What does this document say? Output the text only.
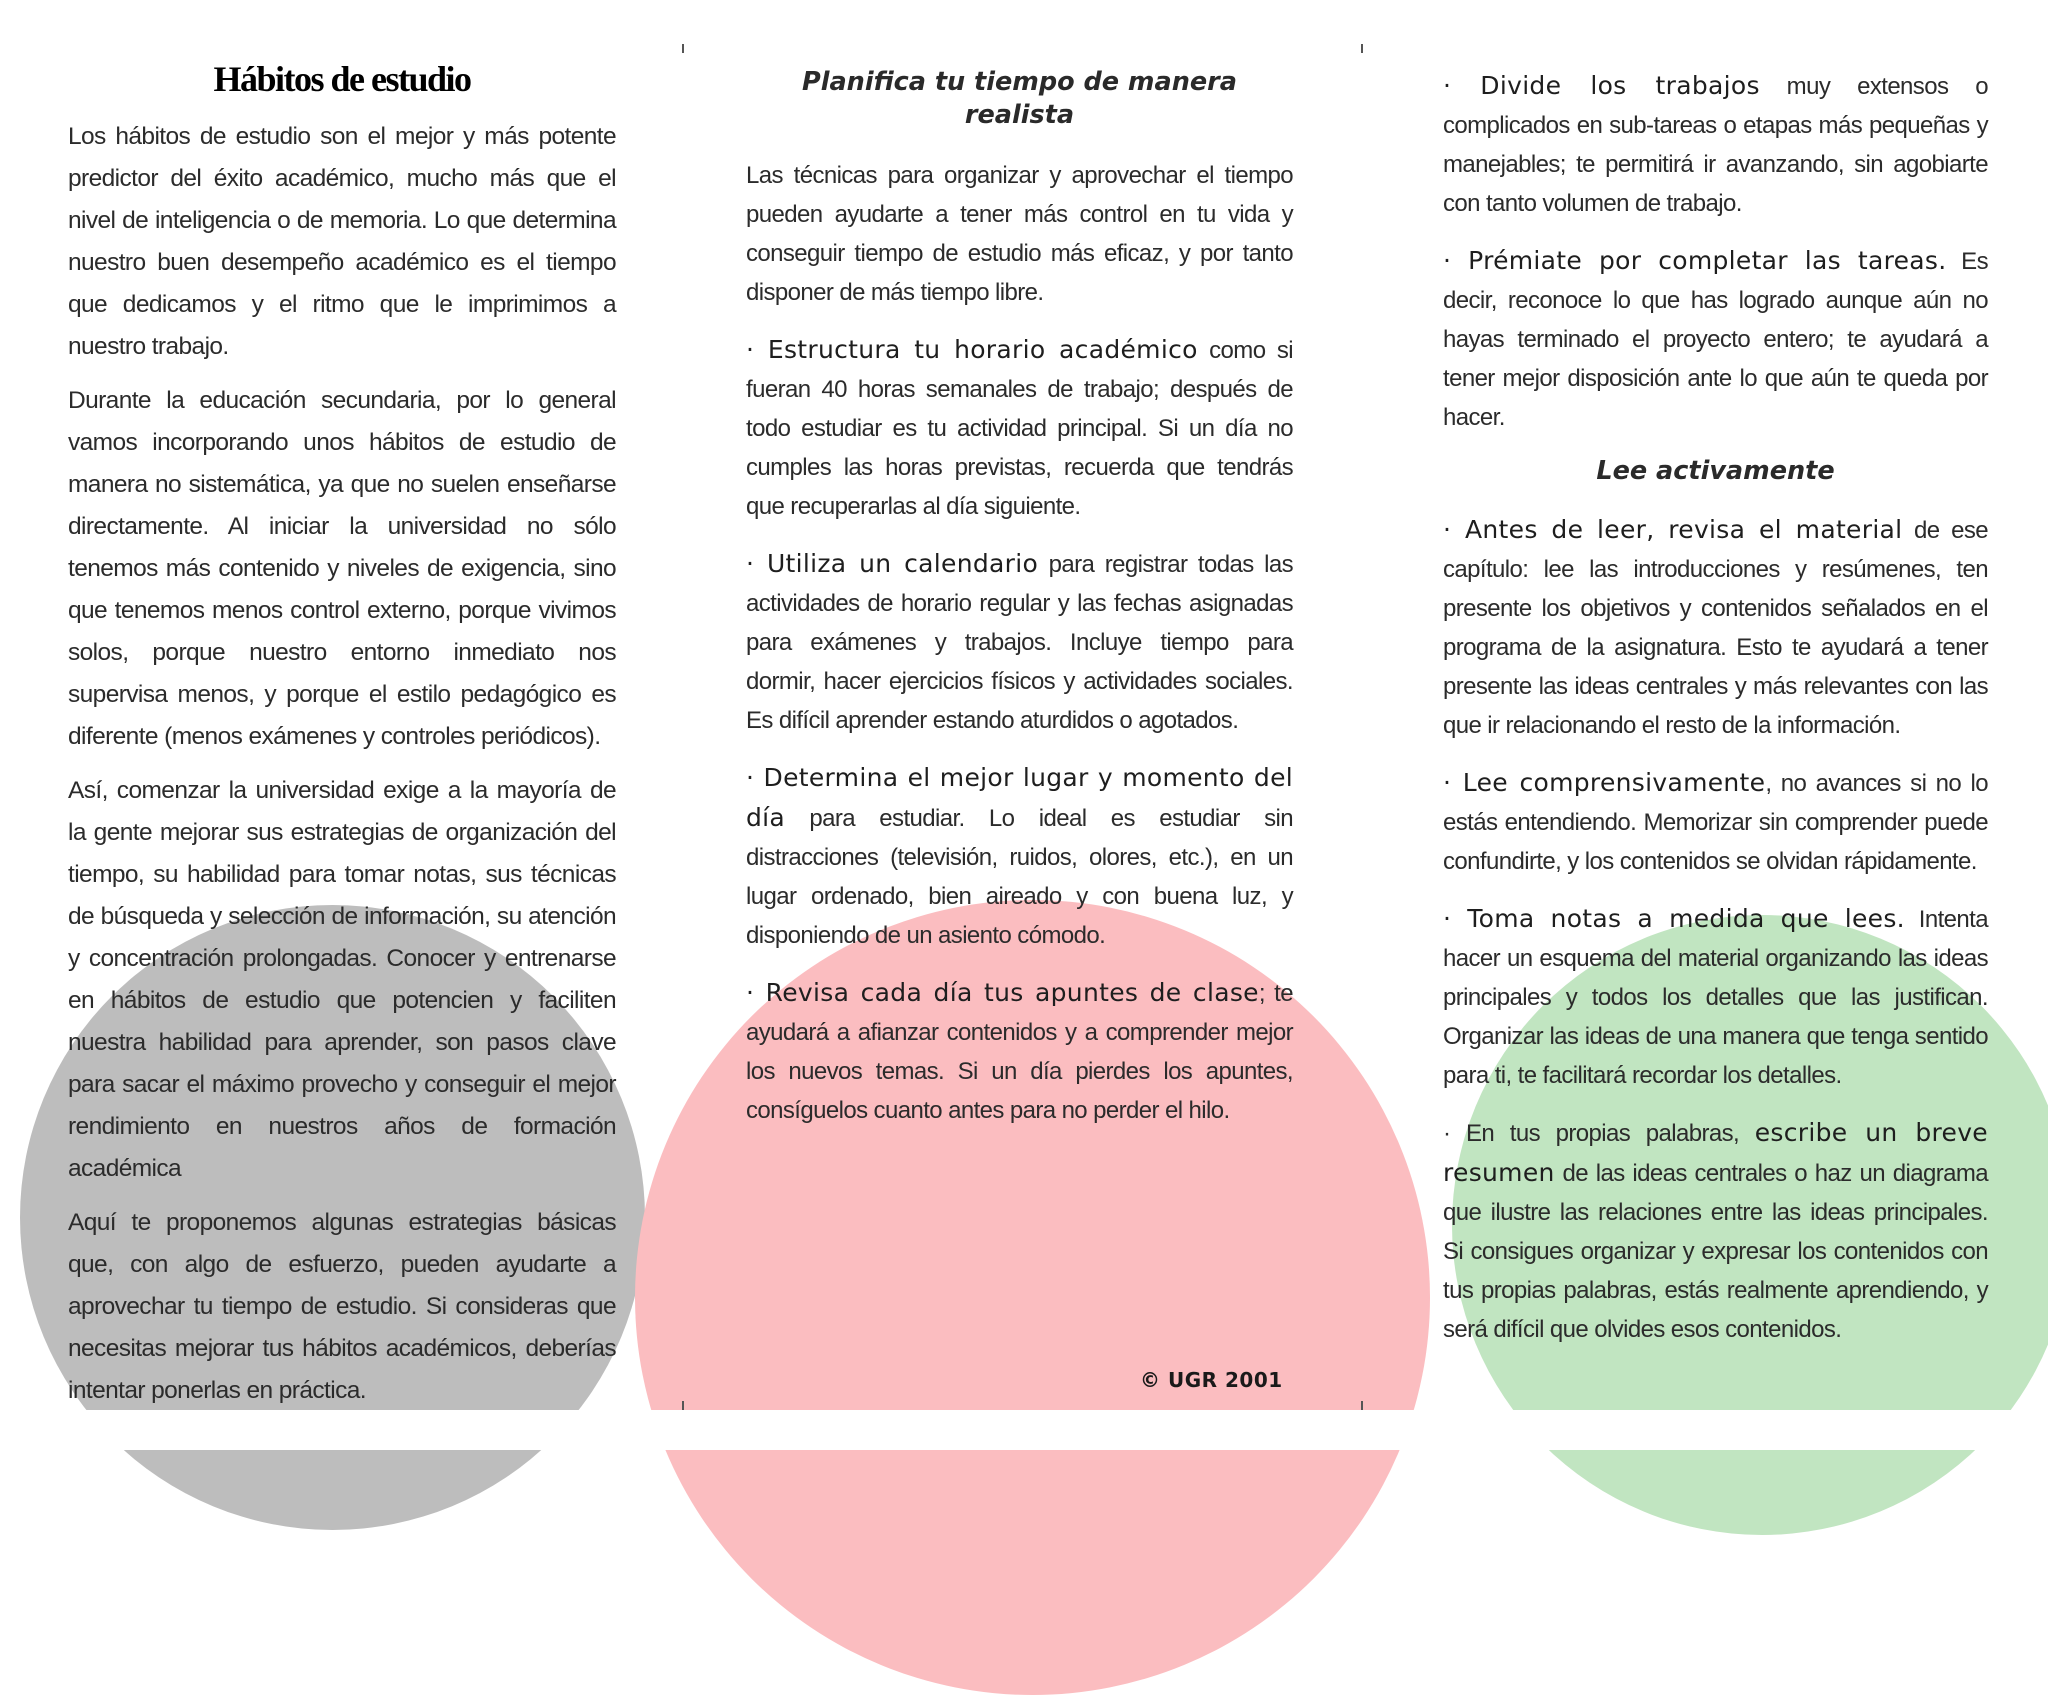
Hábitos de estudio

Los hábitos de estudio son el mejor y más potente predictor del éxito académico, mucho más que el nivel de inteligencia o de memoria. Lo que determina nuestro buen desempeño académico es el tiempo que dedicamos y el ritmo que le imprimimos a nuestro trabajo.

Durante la educación secundaria, por lo general vamos incorporando unos hábitos de estudio de manera no sistemática, ya que no suelen enseñarse directamente. Al iniciar la universidad no sólo tenemos más contenido y niveles de exigencia, sino que tenemos menos control externo, porque vivimos solos, porque nuestro entorno inmediato nos supervisa menos, y porque el estilo pedagógico es diferente (menos exámenes y controles periódicos).

Así, comenzar la universidad exige a la mayoría de la gente mejorar sus estrategias de organización del tiempo, su habilidad para tomar notas, sus técnicas de búsqueda y selección de información, su atención y concentración prolongadas. Conocer y entrenarse en hábitos de estudio que potencien y faciliten nuestra habilidad para aprender, son pasos clave para sacar el máximo provecho y conseguir el mejor rendimiento en nuestros años de formación académica

Aquí te proponemos algunas estrategias básicas que, con algo de esfuerzo, pueden ayudarte a aprovechar tu tiempo de estudio. Si consideras que necesitas mejorar tus hábitos académicos, deberías intentar ponerlas en práctica.

Planifica tu tiempo de manera realista

Las técnicas para organizar y aprovechar el tiempo pueden ayudarte a tener más control en tu vida y conseguir tiempo de estudio más eficaz, y por tanto disponer de más tiempo libre.

· Estructura tu horario académico como si fueran 40 horas semanales de trabajo; después de todo estudiar es tu actividad principal. Si un día no cumples las horas previstas, recuerda que tendrás que recuperarlas al día siguiente.

· Utiliza un calendario para registrar todas las actividades de horario regular y las fechas asignadas para exámenes y trabajos. Incluye tiempo para dormir, hacer ejercicios físicos y actividades sociales. Es difícil aprender estando aturdidos o agotados.

· Determina el mejor lugar y momento del día para estudiar. Lo ideal es estudiar sin distracciones (televisión, ruidos, olores, etc.), en un lugar ordenado, bien aireado y con buena luz, y disponiendo de un asiento cómodo.

· Revisa cada día tus apuntes de clase; te ayudará a afianzar contenidos y a comprender mejor los nuevos temas. Si un día pierdes los apuntes, consíguelos cuanto antes para no perder el hilo.

© UGR 2001

· Divide los trabajos muy extensos o complicados en sub-tareas o etapas más pequeñas y manejables; te permitirá ir avanzando, sin agobiarte con tanto volumen de trabajo.

· Prémiate por completar las tareas. Es decir, reconoce lo que has logrado aunque aún no hayas terminado el proyecto entero; te ayudará a tener mejor disposición ante lo que aún te queda por hacer.

Lee activamente

· Antes de leer, revisa el material de ese capítulo: lee las introducciones y resúmenes, ten presente los objetivos y contenidos señalados en el programa de la asignatura. Esto te ayudará a tener presente las ideas centrales y más relevantes con las que ir relacionando el resto de la información.

· Lee comprensivamente, no avances si no lo estás entendiendo. Memorizar sin comprender puede confundirte, y los contenidos se olvidan rápidamente.

· Toma notas a medida que lees. Intenta hacer un esquema del material organizando las ideas principales y todos los detalles que las justifican. Organizar las ideas de una manera que tenga sentido para ti, te facilitará recordar los detalles.

· En tus propias palabras, escribe un breve resumen de las ideas centrales o haz un diagrama que ilustre las relaciones entre las ideas principales. Si consigues organizar y expresar los contenidos con tus propias palabras, estás realmente aprendiendo, y será difícil que olvides esos contenidos.
